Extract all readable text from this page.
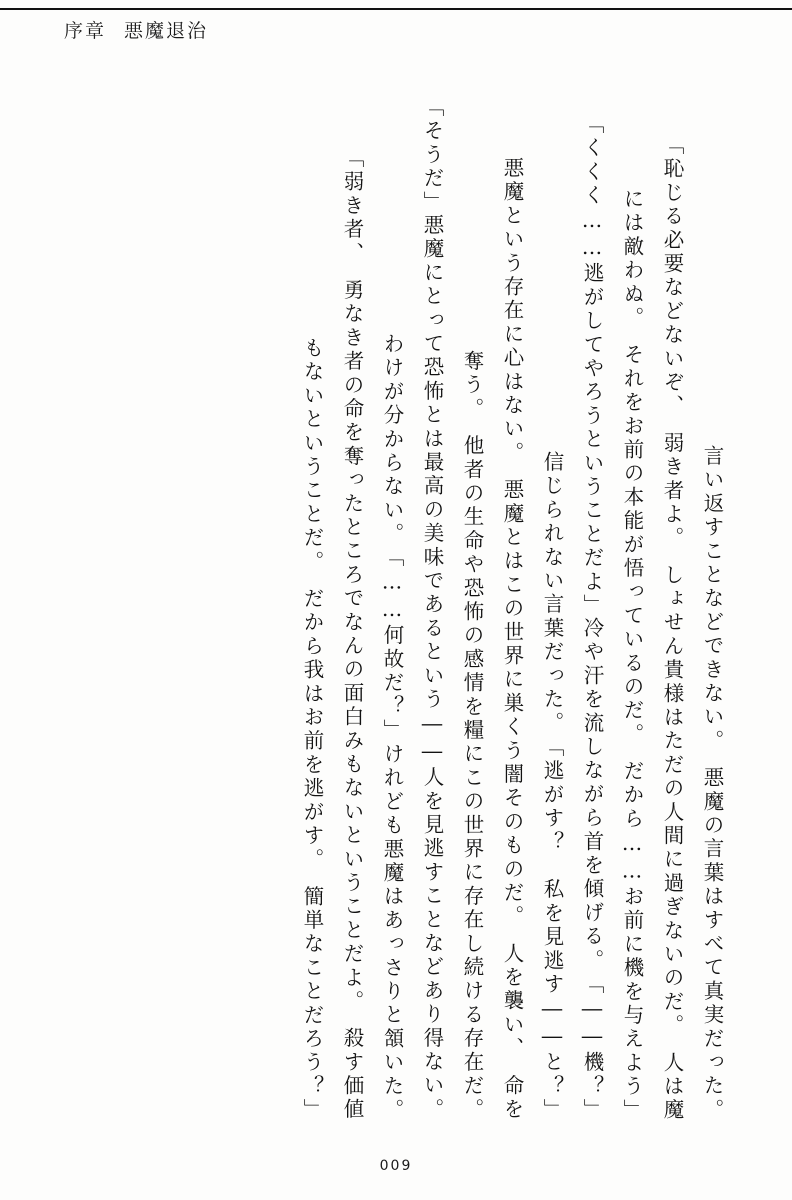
序章 悪魔退治
言い返すことなどできない。　悪魔の言葉はすべて真実だった。
「恥じる必要などないぞ、　弱き者よ。　しょせん貴様はただの人間に過ぎないのだ。　人は魔
には敵わぬ。　それをお前の本能が悟っているのだ。　だから……お前に機を与えよう」
「――機？」
冷や汗を流しながら首を傾げる。
「くくく……逃がしてやろうということだよ」
「逃がす？　私を見逃す――と？」
信じられない言葉だった。
悪魔という存在に心はない。　悪魔とはこの世界に巣くう闇そのものだ。　人を襲い、　命を
奪う。　他者の生命や恐怖の感情を糧にこの世界に存在し続ける存在だ。
悪魔にとって恐怖とは最高の美味であるという――人を見逃すことなどあり得ない。
「そうだ」
けれども悪魔はあっさりと頷いた。
「……何故だ？」
わけが分からない。
「弱き者、　勇なき者の命を奪ったところでなんの面白みもないということだよ。　殺す価値
もないということだ。　だから我はお前を逃がす。　簡単なことだろう？」
009
